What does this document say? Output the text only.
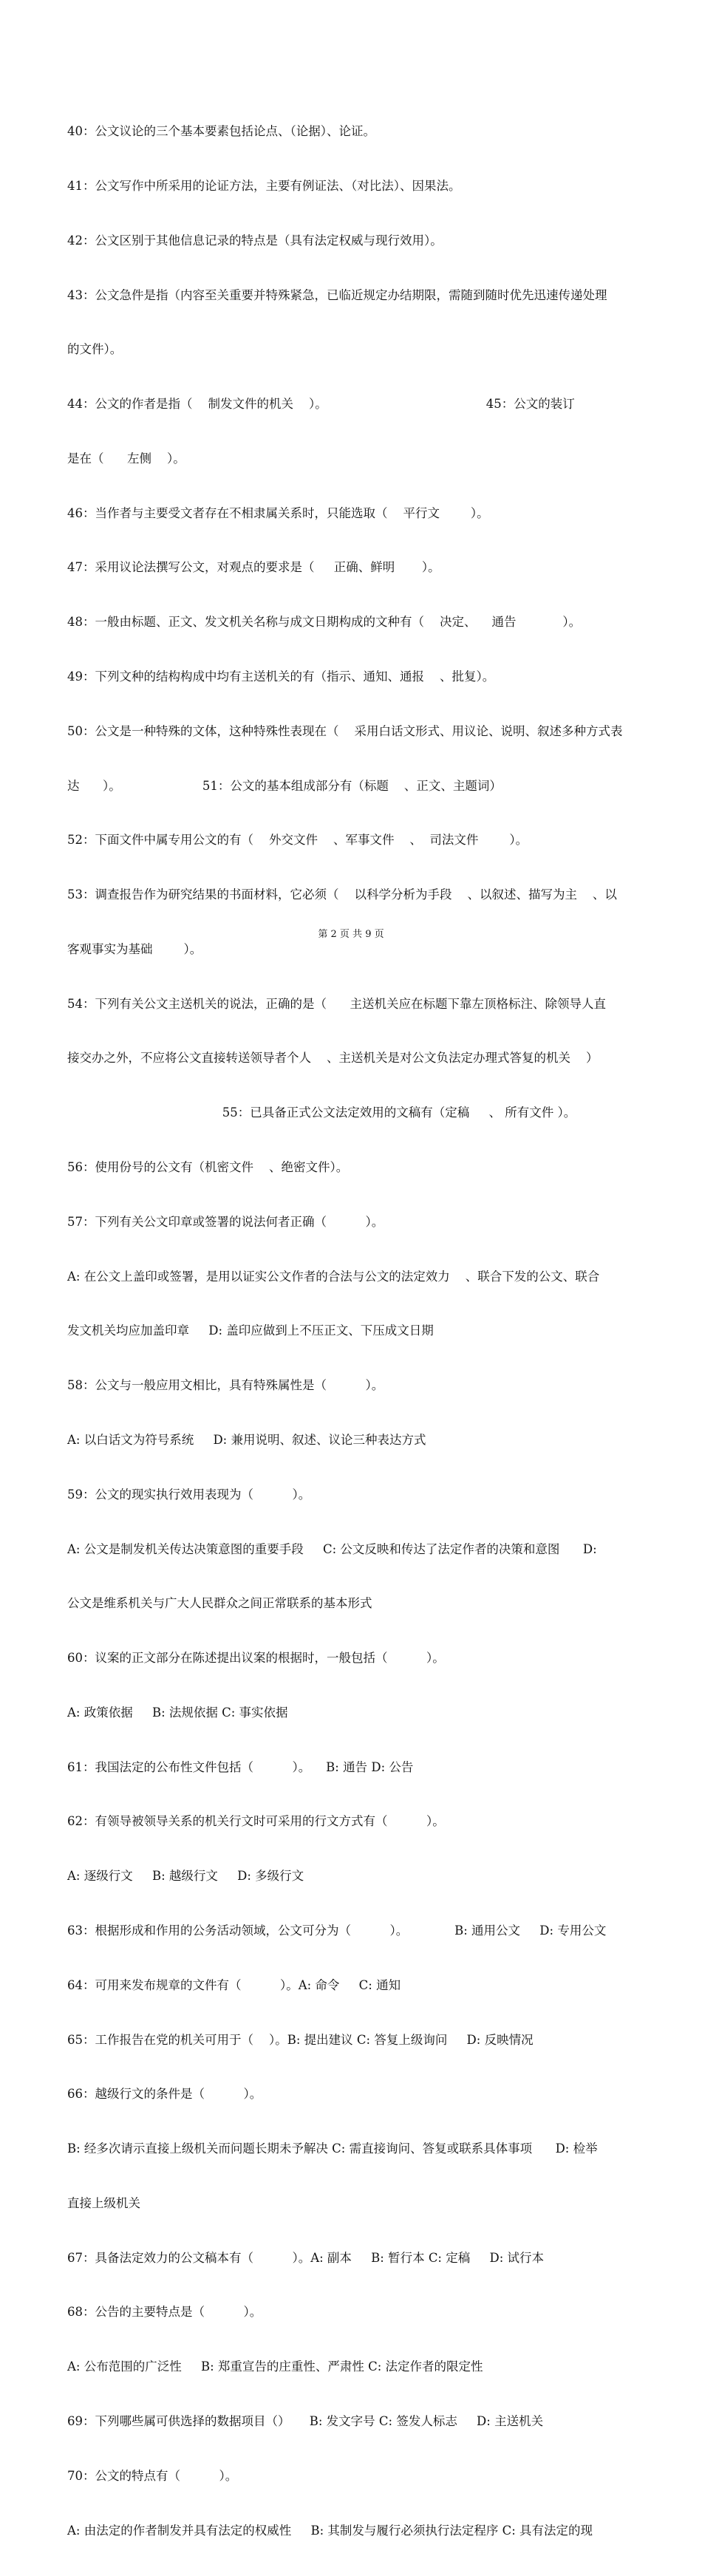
40：公文议论的三个基本要素包括论点、（论据）、论证。

41：公文写作中所采用的论证方法，主要有例证法、（对比法）、因果法。

42：公文区别于其他信息记录的特点是（具有法定权威与现行效用）。

43：公文急件是指（内容至关重要并特殊紧急，已临近规定办结期限，需随到随时优先迅速传递处理

的文件）。

44：公文的作者是指（    制发文件的机关    ）。                                         45：公文的装订

是在（      左侧    ）。

46：当作者与主要受文者存在不相隶属关系时，只能选取（    平行文        ）。

47：采用议论法撰写公文，对观点的要求是（     正确、鲜明       ）。

48：一般由标题、正文、发文机关名称与成文日期构成的文种有（    决定、    通告            ）。

49：下列文种的结构构成中均有主送机关的有（指示、通知、通报    、批复）。

50：公文是一种特殊的文体，这种特殊性表现在（    采用白话文形式、用议论、说明、叙述多种方式表

达      ）。                     51：公文的基本组成部分有（标题    、正文、主题词）

52：下面文件中属专用公文的有（    外交文件    、军事文件    、  司法文件        ）。

53：调查报告作为研究结果的书面材料，它必须（    以科学分析为手段    、以叙述、描写为主    、以

客观事实为基础        ）。

54：下列有关公文主送机关的说法，正确的是（      主送机关应在标题下靠左顶格标注、除领导人直

接交办之外，不应将公文直接转送领导者个人    、主送机关是对公文负法定办理式答复的机关    ）

55：已具备正式公文法定效用的文稿有（定稿     、 所有文件 ）。

56：使用份号的公文有（机密文件    、绝密文件）。

57：下列有关公文印章或签署的说法何者正确（          ）。

A: 在公文上盖印或签署，是用以证实公文作者的合法与公文的法定效力    、联合下发的公文、联合

发文机关均应加盖印章     D: 盖印应做到上不压正文、下压成文日期

58：公文与一般应用文相比，具有特殊属性是（          ）。

A: 以白话文为符号系统     D: 兼用说明、叙述、议论三种表达方式

59：公文的现实执行效用表现为（          ）。

A: 公文是制发机关传达决策意图的重要手段     C: 公文反映和传达了法定作者的决策和意图      D:

公文是维系机关与广大人民群众之间正常联系的基本形式

60：议案的正文部分在陈述提出议案的根据时，一般包括（          ）。

A: 政策依据     B: 法规依据 C: 事实依据

61：我国法定的公布性文件包括（          ）。    B: 通告 D: 公告

62：有领导被领导关系的机关行文时可采用的行文方式有（          ）。

A: 逐级行文     B: 越级行文     D: 多级行文

63：根据形成和作用的公务活动领域，公文可分为（          ）。            B: 通用公文     D: 专用公文

64：可用来发布规章的文件有（          ）。A: 命令     C: 通知

65：工作报告在党的机关可用于（    ）。B: 提出建议 C: 答复上级询问     D: 反映情况

66：越级行文的条件是（          ）。

B: 经多次请示直接上级机关而问题长期未予解决 C: 需直接询问、答复或联系具体事项      D: 检举

直接上级机关

67：具备法定效力的公文稿本有（          ）。A: 副本     B: 暂行本 C: 定稿     D: 试行本

68：公告的主要特点是（          ）。

A: 公布范围的广泛性     B: 郑重宣告的庄重性、严肃性 C: 法定作者的限定性

69：下列哪些属可供选择的数据项目（）     B: 发文字号 C: 签发人标志     D: 主送机关

70：公文的特点有（          ）。

A: 由法定的作者制发并具有法定的权威性     B: 其制发与履行必须执行法定程序 C: 具有法定的现

第 2 页 共 9 页
